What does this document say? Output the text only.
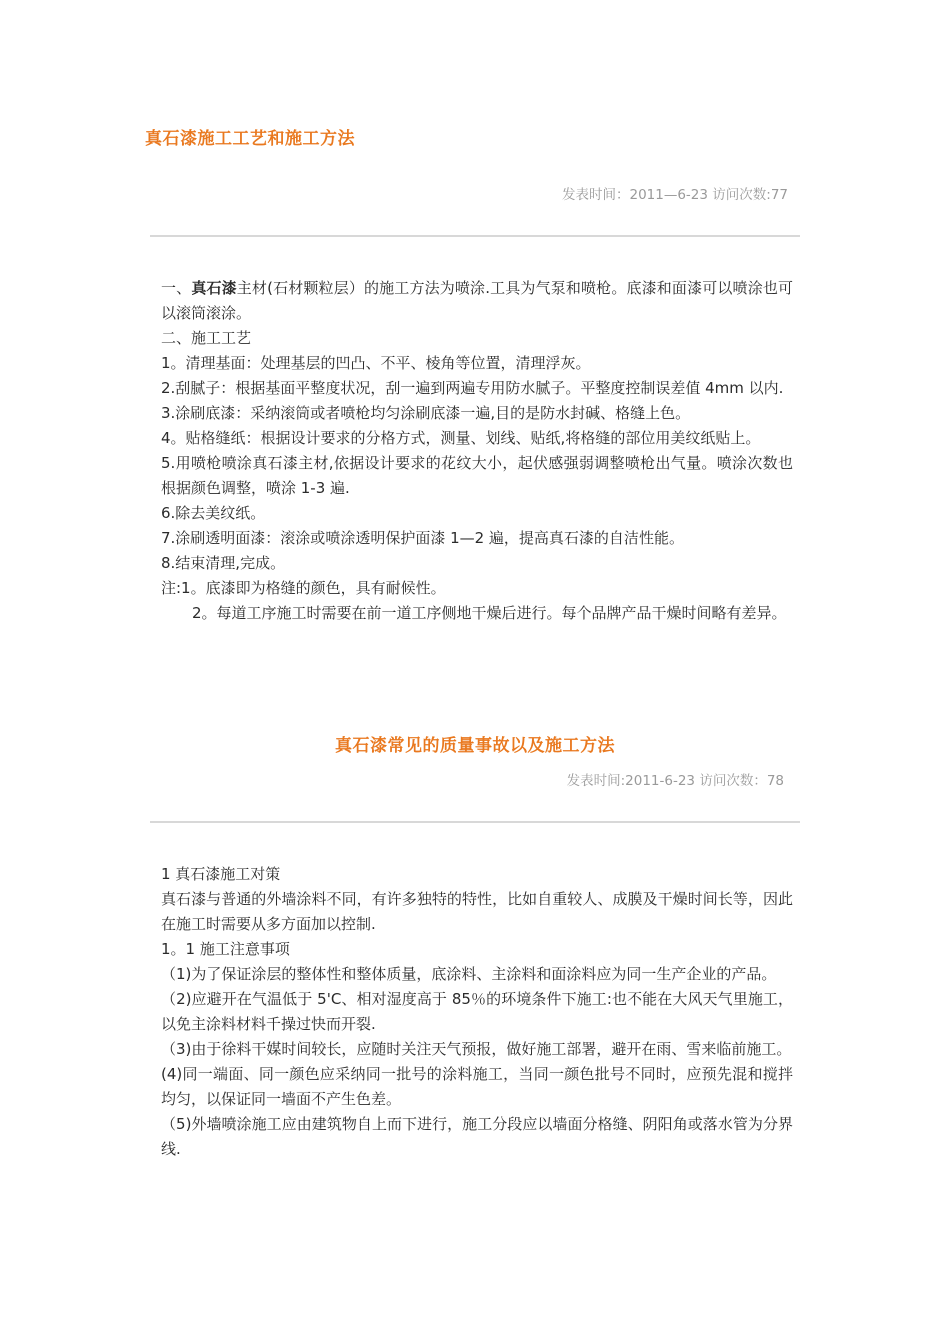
真石漆施工工艺和施工方法
发表时间：2011—6-23 访问次数:77

一、真石漆主材(石材颗粒层）的施工方法为喷涂.工具为气泵和喷枪。底漆和面漆可以喷涂也可以滚筒滚涂。

二、施工工艺

1。清理基面：处理基层的凹凸、不平、棱角等位置，清理浮灰。

2.刮腻子：根据基面平整度状况，刮一遍到两遍专用防水腻子。平整度控制误差值 4mm 以内.

3.涂刷底漆：采纳滚筒或者喷枪均匀涂刷底漆一遍,目的是防水封碱、格缝上色。

4。贴格缝纸：根据设计要求的分格方式，测量、划线、贴纸,将格缝的部位用美纹纸贴上。

5.用喷枪喷涂真石漆主材,依据设计要求的花纹大小，起伏感强弱调整喷枪出气量。喷涂次数也根据颜色调整，喷涂 1-3 遍.

6.除去美纹纸。

7.涂刷透明面漆：滚涂或喷涂透明保护面漆 1—2 遍，提高真石漆的自洁性能。

8.结束清理,完成。

注:1。底漆即为格缝的颜色，具有耐候性。

2。每道工序施工时需要在前一道工序侧地干燥后进行。每个品牌产品干燥时间略有差异。

真石漆常见的质量事故以及施工方法
发表时间:2011-6-23 访问次数：78

1 真石漆施工对策

真石漆与普通的外墙涂料不同，有许多独特的特性，比如自重较人、成膜及干燥时间长等，因此在施工时需要从多方面加以控制.

1。1 施工注意事项

（1)为了保证涂层的整体性和整体质量，底涂料、主涂料和面涂料应为同一生产企业的产品。

（2)应避开在气温低于 5'C、相对湿度高于 85％的环境条件下施工:也不能在大风天气里施工，以免主涂料材料千操过快而开裂.

（3)由于徐料干媒时间较长，应随时关注天气预报，做好施工部署，避开在雨、雪来临前施工。

(4)同一端面、同一颜色应采纳同一批号的涂料施工，当同一颜色批号不同时，应预先混和搅拌均匀，以保证同一墙面不产生色差。

（5)外墙喷涂施工应由建筑物自上而下进行，施工分段应以墙面分格缝、阴阳角或落水管为分界线.
